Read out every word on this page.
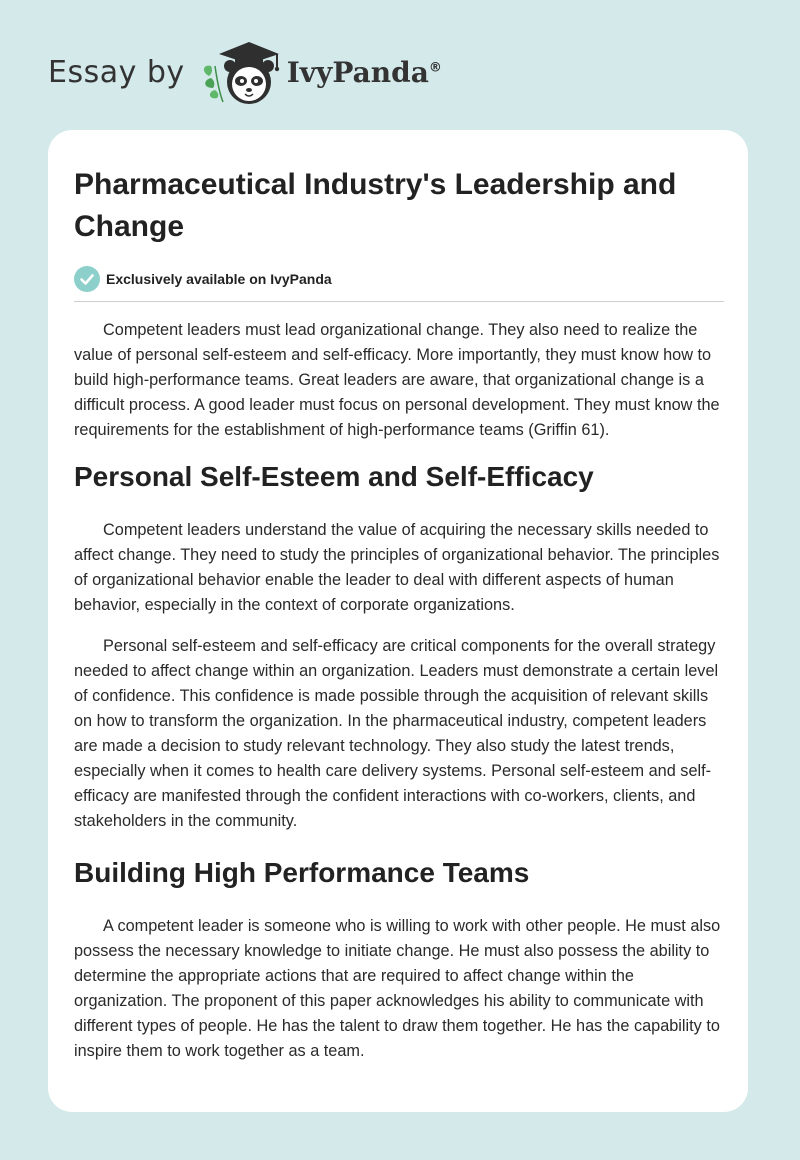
Essay by	IvyPanda®
Pharmaceutical Industry's Leadership and Change
Exclusively available on IvyPanda

Competent leaders must lead organizational change. They also need to realize the value of personal self-esteem and self-efficacy. More importantly, they must know how to build high-performance teams. Great leaders are aware, that organizational change is a difficult process. A good leader must focus on personal development. They must know the requirements for the establishment of high-performance teams (Griffin 61).

Personal Self-Esteem and Self-Efficacy

Competent leaders understand the value of acquiring the necessary skills needed to affect change. They need to study the principles of organizational behavior. The principles of organizational behavior enable the leader to deal with different aspects of human behavior, especially in the context of corporate organizations.

Personal self-esteem and self-efficacy are critical components for the overall strategy needed to affect change within an organization. Leaders must demonstrate a certain level of confidence. This confidence is made possible through the acquisition of relevant skills on how to transform the organization. In the pharmaceutical industry, competent leaders are made a decision to study relevant technology. They also study the latest trends, especially when it comes to health care delivery systems. Personal self-esteem and self-efficacy are manifested through the confident interactions with co-workers, clients, and stakeholders in the community.

Building High Performance Teams

A competent leader is someone who is willing to work with other people. He must also possess the necessary knowledge to initiate change. He must also possess the ability to determine the appropriate actions that are required to affect change within the organization. The proponent of this paper acknowledges his ability to communicate with different types of people. He has the talent to draw them together. He has the capability to inspire them to work together as a team.
